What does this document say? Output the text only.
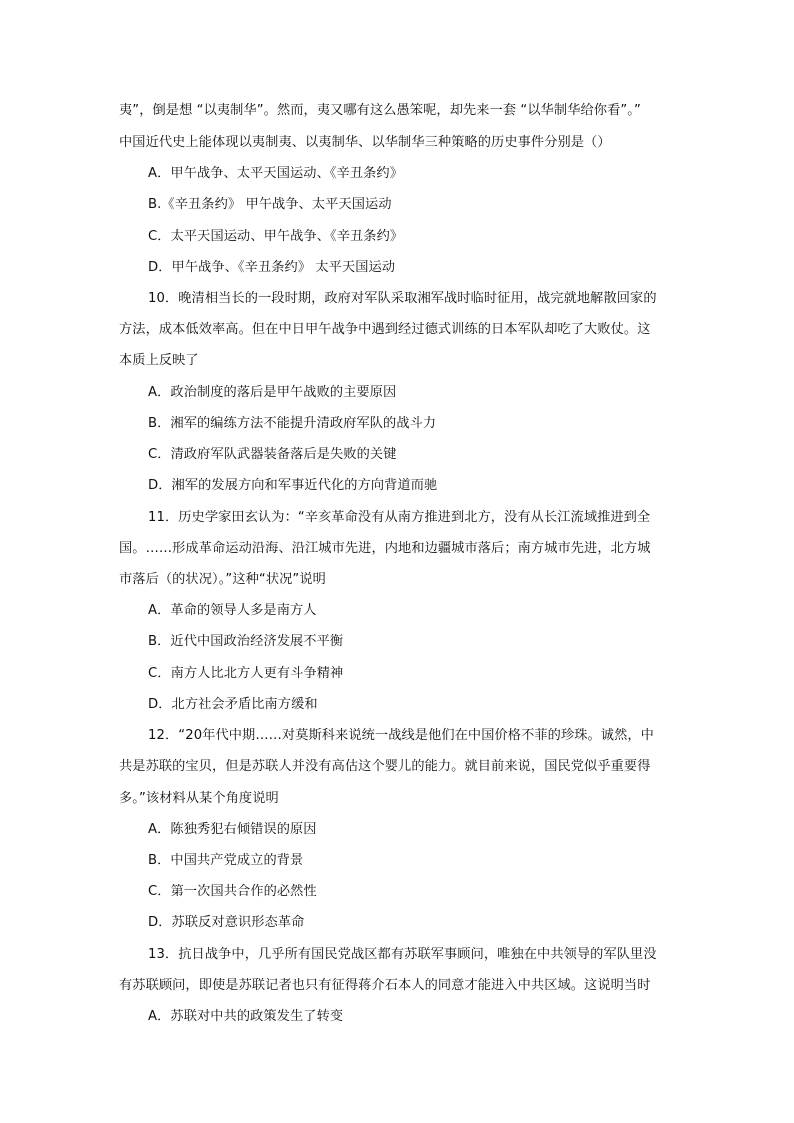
夷”，倒是想 “以夷制华”。然而，夷又哪有这么愚笨呢，却先来一套 “以华制华给你看”。”
中国近代史上能体现以夷制夷、以夷制华、以华制华三种策略的历史事件分别是（）
A．甲午战争、太平天国运动、《辛丑条约》
B.《辛丑条约》 甲午战争、太平天国运动
C．太平天国运动、甲午战争、《辛丑条约》
D．甲午战争、《辛丑条约》 太平天国运动
10．晚清相当长的一段时期，政府对军队采取湘军战时临时征用，战完就地解散回家的
方法，成本低效率高。但在中日甲午战争中遇到经过德式训练的日本军队却吃了大败仗。这
本质上反映了
A．政治制度的落后是甲午战败的主要原因
B．湘军的编练方法不能提升清政府军队的战斗力
C．清政府军队武器装备落后是失败的关键
D．湘军的发展方向和军事近代化的方向背道而驰
11．历史学家田玄认为：“辛亥革命没有从南方推进到北方，没有从长江流域推进到全
国。……形成革命运动沿海、沿江城市先进，内地和边疆城市落后；南方城市先进，北方城
市落后（的状况）。”这种“状况”说明
A．革命的领导人多是南方人
B．近代中国政治经济发展不平衡
C．南方人比北方人更有斗争精神
D．北方社会矛盾比南方缓和
12．“20年代中期……对莫斯科来说统一战线是他们在中国价格不菲的珍珠。诚然，中
共是苏联的宝贝，但是苏联人并没有高估这个婴儿的能力。就目前来说，国民党似乎重要得
多。”该材料从某个角度说明
A．陈独秀犯右倾错误的原因
B．中国共产党成立的背景
C．第一次国共合作的必然性
D．苏联反对意识形态革命
13．抗日战争中，几乎所有国民党战区都有苏联军事顾问，唯独在中共领导的军队里没
有苏联顾问，即使是苏联记者也只有征得蒋介石本人的同意才能进入中共区域。这说明当时
A．苏联对中共的政策发生了转变
